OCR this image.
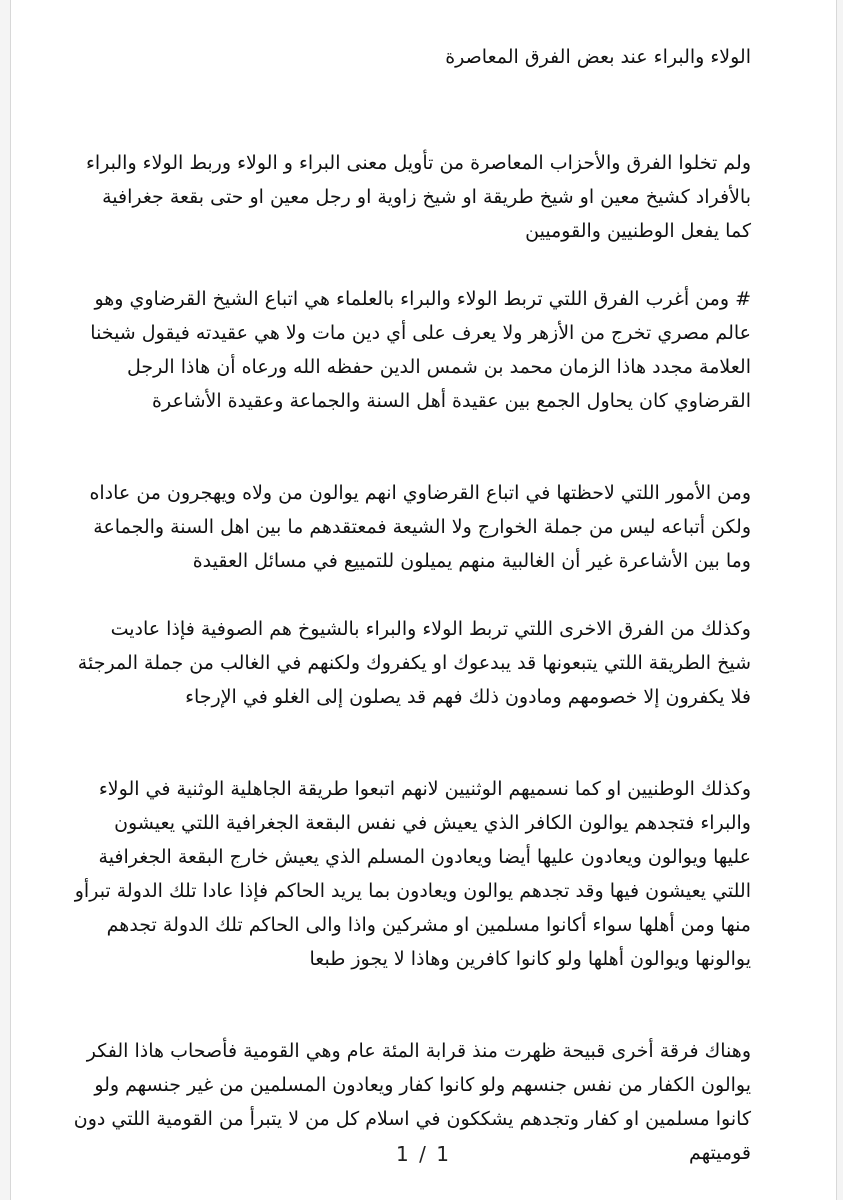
الولاء والبراء عند بعض الفرق المعاصرة

ولم تخلوا الفرق والأحزاب المعاصرة من تأويل معنى البراء و الولاء وربط الولاء والبراء بالأفراد كشيخ معين او شيخ طريقة او شيخ زاوية او رجل معين او حتى بقعة جغرافية كما يفعل الوطنيين والقوميين

# ومن أغرب الفرق اللتي تربط الولاء والبراء بالعلماء هي اتباع الشيخ القرضاوي وهو عالم مصري تخرج من الأزهر ولا يعرف على أي دين مات ولا هي عقيدته فيقول شيخنا العلامة مجدد هاذا الزمان محمد بن شمس الدين حفظه الله ورعاه أن هاذا الرجل القرضاوي كان يحاول الجمع بين عقيدة أهل السنة والجماعة وعقيدة الأشاعرة

ومن الأمور اللتي لاحظتها في اتباع القرضاوي انهم يوالون من ولاه ويهجرون من عاداه ولكن أتباعه ليس من جملة الخوارج ولا الشيعة فمعتقدهم ما بين اهل السنة والجماعة وما بين الأشاعرة غير أن الغالبية منهم يميلون للتمييع في مسائل العقيدة

وكذلك من الفرق الاخرى اللتي تربط الولاء والبراء بالشيوخ هم الصوفية فإذا عاديت شيخ الطريقة اللتي يتبعونها قد يبدعوك او يكفروك ولكنهم في الغالب من جملة المرجئة فلا يكفرون إلا خصومهم ومادون ذلك فهم قد يصلون إلى الغلو في الإرجاء

وكذلك الوطنيين او كما نسميهم الوثنيين لانهم اتبعوا طريقة الجاهلية الوثنية في الولاء والبراء فتجدهم يوالون الكافر الذي يعيش في نفس البقعة الجغرافية اللتي يعيشون عليها ويوالون ويعادون عليها أيضا ويعادون المسلم الذي يعيش خارج البقعة الجغرافية اللتي يعيشون فيها وقد تجدهم يوالون ويعادون بما يريد الحاكم فإذا عادا تلك الدولة تبرأو منها ومن أهلها سواء أكانوا مسلمين او مشركين واذا والى الحاكم تلك الدولة تجدهم يوالونها ويوالون أهلها ولو كانوا كافرين وهاذا لا يجوز طبعا

وهناك فرقة أخرى قبيحة ظهرت منذ قرابة المئة عام وهي القومية فأصحاب هاذا الفكر يوالون الكفار من نفس جنسهم ولو كانوا كفار ويعادون المسلمين من غير جنسهم ولو كانوا مسلمين او كفار وتجدهم يشككون في اسلام كل من لا يتبرأ من القومية اللتي دون قوميتهم

1 / 1
